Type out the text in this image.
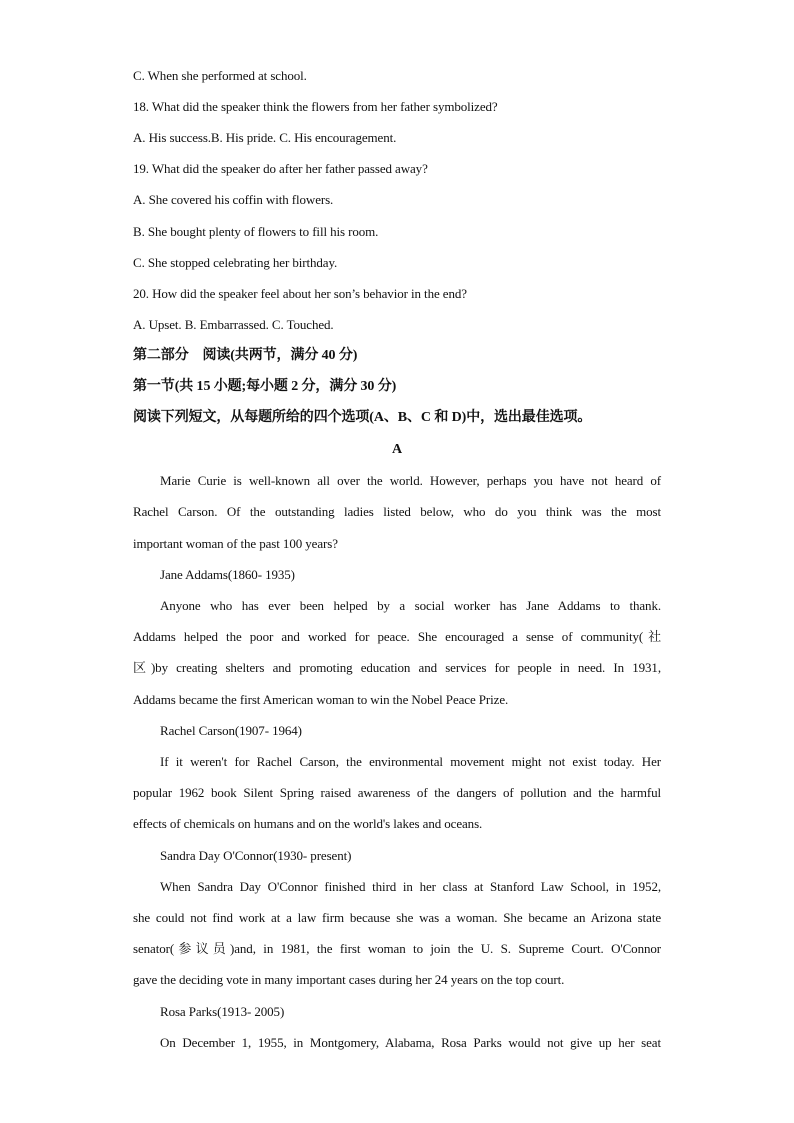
C. When she performed at school.
18. What did the speaker think the flowers from her father symbolized?
A. His success.B. His pride. C. His encouragement.
19. What did the speaker do after her father passed away?
A. She covered his coffin with flowers.
B. She bought plenty of flowers to fill his room.
C. She stopped celebrating her birthday.
20. How did the speaker feel about her son’s behavior in the end?
A. Upset. B. Embarrassed. C. Touched.
第二部分　阅读(共两节，满分 40 分)
第一节(共 15 小题;每小题 2 分，满分 30 分)
阅读下列短文，从每题所给的四个选项(A、B、C 和 D)中，选出最佳选项。
A
Marie Curie is well-known all over the world. However, perhaps you have not heard of
Rachel Carson. Of the outstanding ladies listed below, who do you think was the most
important woman of the past 100 years?
Jane Addams(1860- 1935)
Anyone who has ever been helped by a social worker has Jane Addams to thank.
Addams helped the poor and worked for peace. She encouraged a sense of community(社
区)by creating shelters and promoting education and services for people in need. In 1931,
Addams became the first American woman to win the Nobel Peace Prize.
Rachel Carson(1907- 1964)
If it weren't for Rachel Carson, the environmental movement might not exist today. Her
popular 1962 book Silent Spring raised awareness of the dangers of pollution and the harmful
effects of chemicals on humans and on the world's lakes and oceans.
Sandra Day O'Connor(1930- present)
When Sandra Day O'Connor finished third in her class at Stanford Law School, in 1952,
she could not find work at a law firm because she was a woman. She became an Arizona state
senator(参议员)and, in 1981, the first woman to join the U. S. Supreme Court. O'Connor
gave the deciding vote in many important cases during her 24 years on the top court.
Rosa Parks(1913- 2005)
On December 1, 1955, in Montgomery, Alabama, Rosa Parks would not give up her seat
